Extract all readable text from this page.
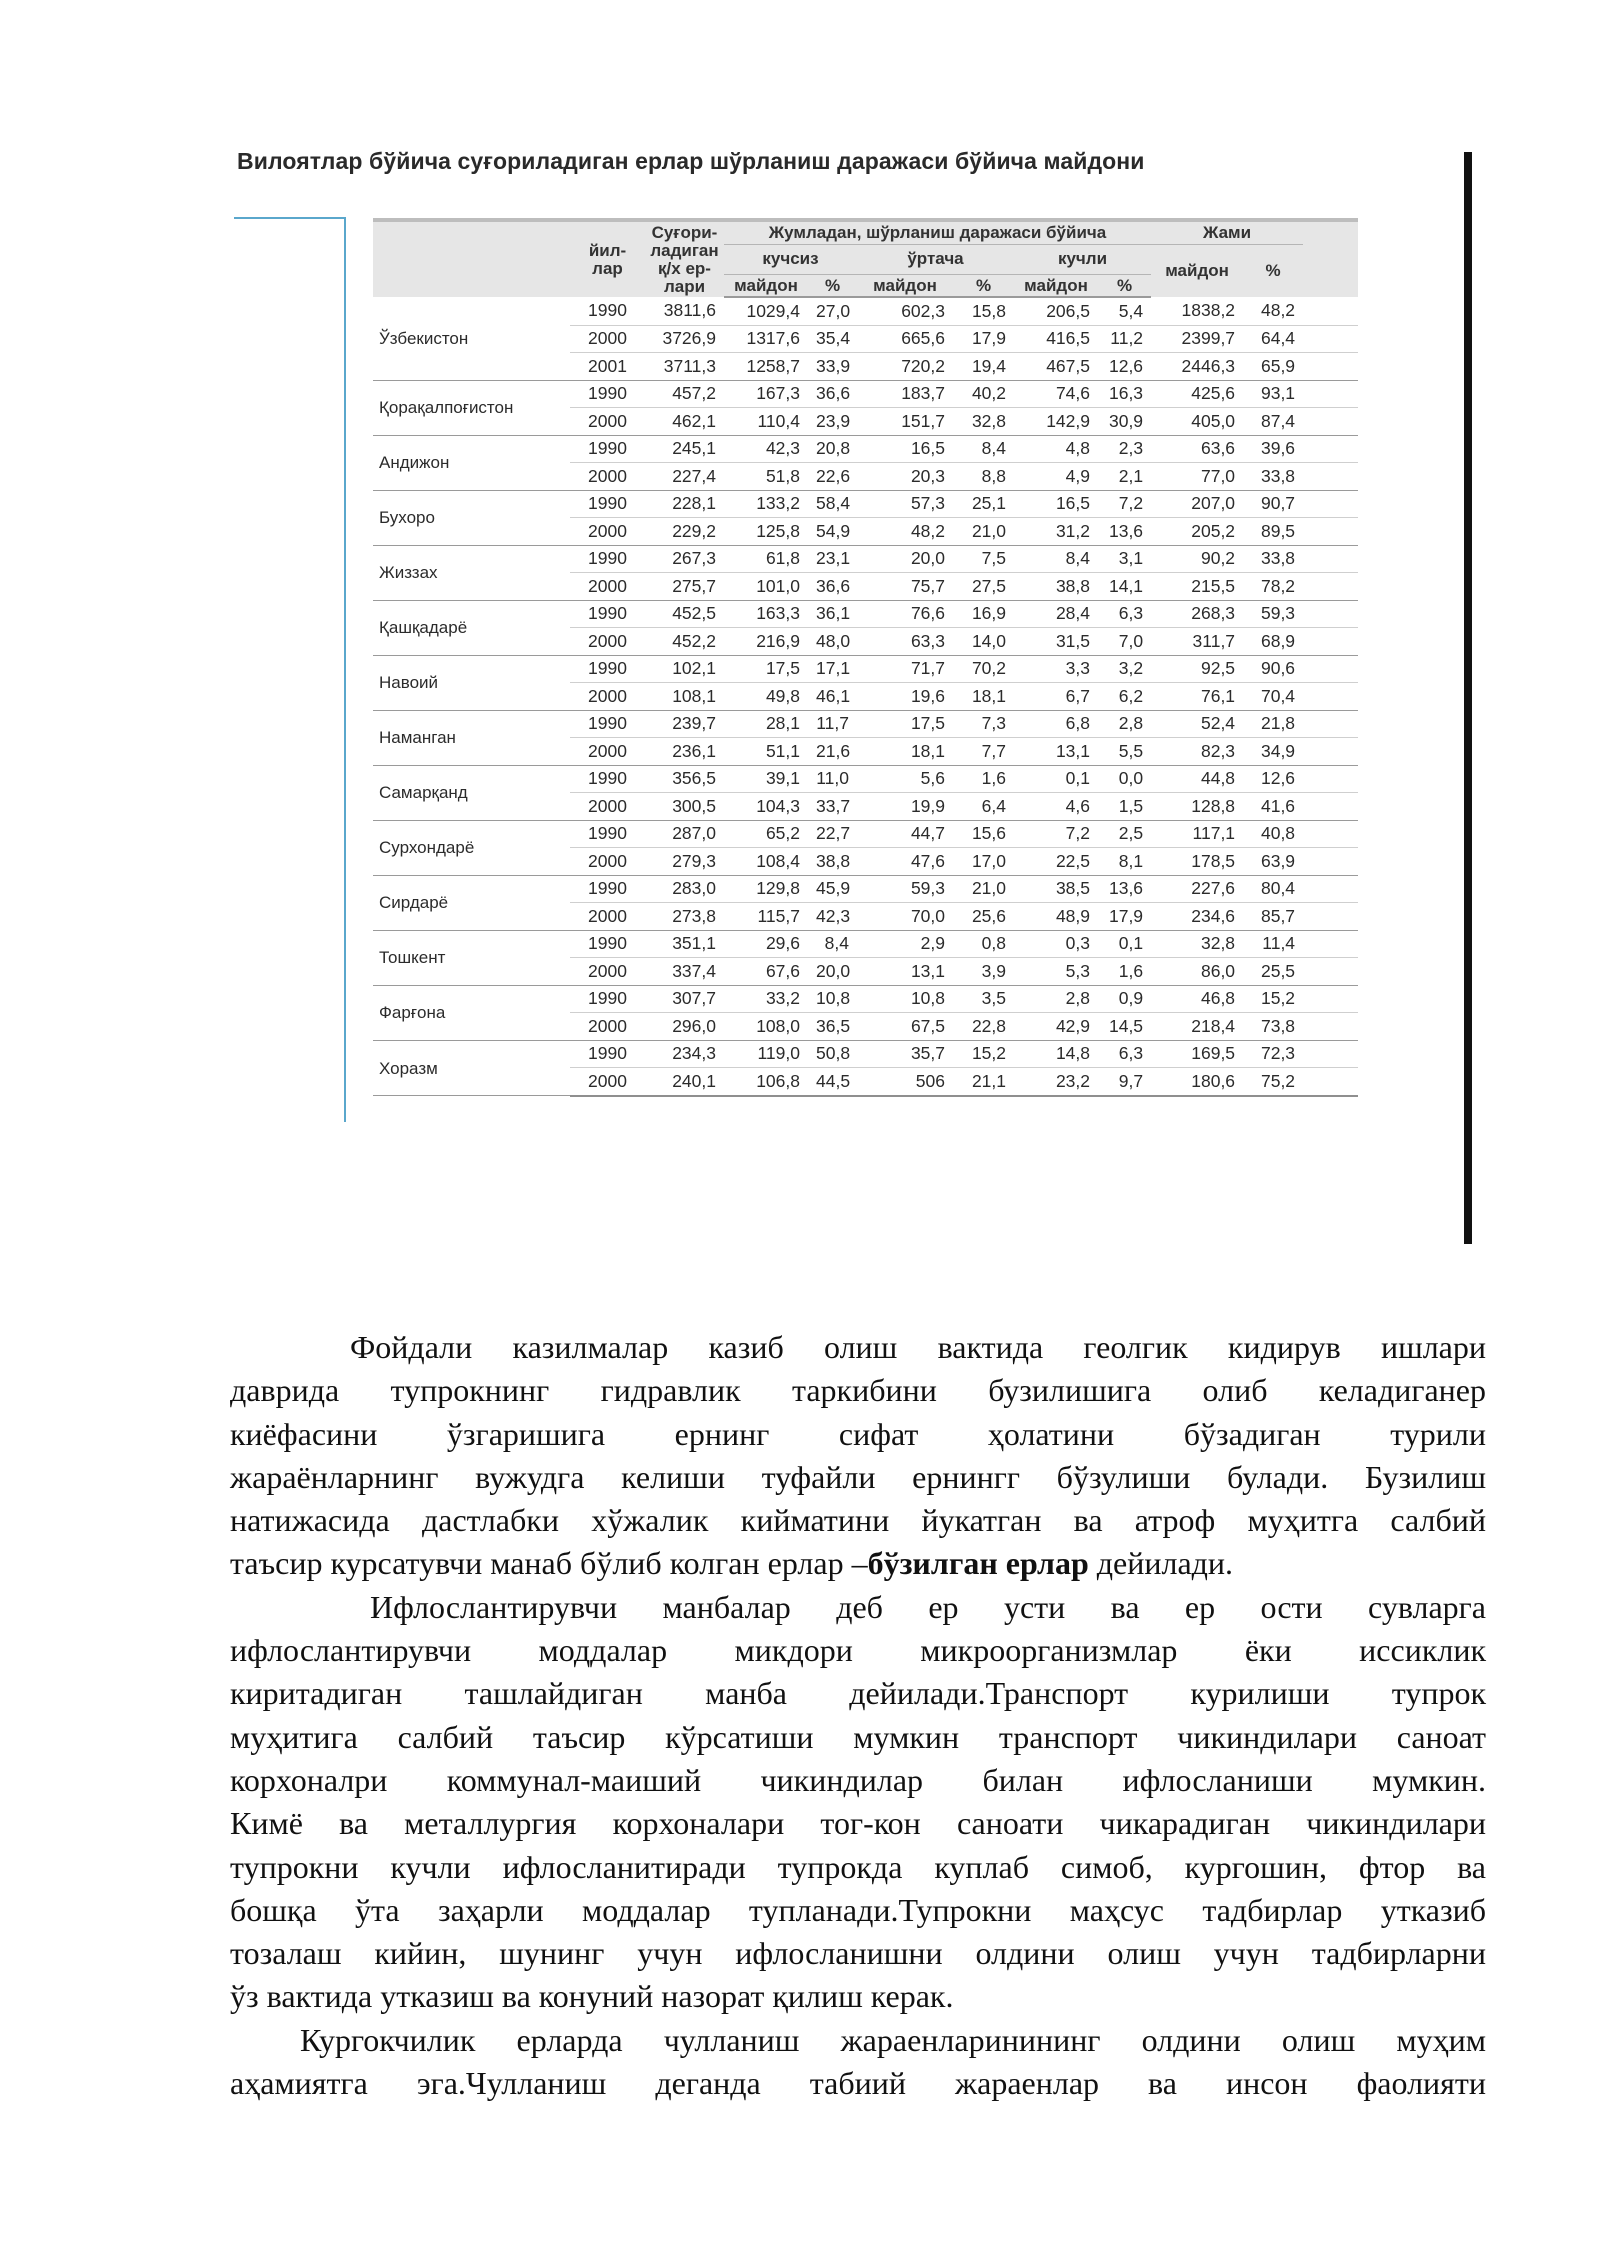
Вилоятлар бўйича суғориладиган ерлар шўрланиш даражаси бўйича майдони
	йил-
лар	Суғори-
ладиган
қ/х ер-
лари	Жумладан, шўрланиш даражаси бўйича						Жами		
			кучсиз		ўртача		кучли		майдон	%	
			майдон	%	майдон	%	майдон	%			
Ўзбекистон	1990	3811,6	1029,4	27,0	602,3	15,8	206,5	5,4	1838,2	48,2	
	2000	3726,9	1317,6	35,4	665,6	17,9	416,5	11,2	2399,7	64,4	
	2001	3711,3	1258,7	33,9	720,2	19,4	467,5	12,6	2446,3	65,9	
Қорақалпоғистон	1990	457,2	167,3	36,6	183,7	40,2	74,6	16,3	425,6	93,1	
	2000	462,1	110,4	23,9	151,7	32,8	142,9	30,9	405,0	87,4	
Андижон	1990	245,1	42,3	20,8	16,5	8,4	4,8	2,3	63,6	39,6	
	2000	227,4	51,8	22,6	20,3	8,8	4,9	2,1	77,0	33,8	
Бухоро	1990	228,1	133,2	58,4	57,3	25,1	16,5	7,2	207,0	90,7	
	2000	229,2	125,8	54,9	48,2	21,0	31,2	13,6	205,2	89,5	
Жиззах	1990	267,3	61,8	23,1	20,0	7,5	8,4	3,1	90,2	33,8	
	2000	275,7	101,0	36,6	75,7	27,5	38,8	14,1	215,5	78,2	
Қашқадарё	1990	452,5	163,3	36,1	76,6	16,9	28,4	6,3	268,3	59,3	
	2000	452,2	216,9	48,0	63,3	14,0	31,5	7,0	311,7	68,9	
Навоий	1990	102,1	17,5	17,1	71,7	70,2	3,3	3,2	92,5	90,6	
	2000	108,1	49,8	46,1	19,6	18,1	6,7	6,2	76,1	70,4	
Наманган	1990	239,7	28,1	11,7	17,5	7,3	6,8	2,8	52,4	21,8	
	2000	236,1	51,1	21,6	18,1	7,7	13,1	5,5	82,3	34,9	
Самарқанд	1990	356,5	39,1	11,0	5,6	1,6	0,1	0,0	44,8	12,6	
	2000	300,5	104,3	33,7	19,9	6,4	4,6	1,5	128,8	41,6	
Сурхондарё	1990	287,0	65,2	22,7	44,7	15,6	7,2	2,5	117,1	40,8	
	2000	279,3	108,4	38,8	47,6	17,0	22,5	8,1	178,5	63,9	
Сирдарё	1990	283,0	129,8	45,9	59,3	21,0	38,5	13,6	227,6	80,4	
	2000	273,8	115,7	42,3	70,0	25,6	48,9	17,9	234,6	85,7	
Тошкент	1990	351,1	29,6	8,4	2,9	0,8	0,3	0,1	32,8	11,4	
	2000	337,4	67,6	20,0	13,1	3,9	5,3	1,6	86,0	25,5	
Фарғона	1990	307,7	33,2	10,8	10,8	3,5	2,8	0,9	46,8	15,2	
	2000	296,0	108,0	36,5	67,5	22,8	42,9	14,5	218,4	73,8	
Хоразм	1990	234,3	119,0	50,8	35,7	15,2	14,8	6,3	169,5	72,3	
	2000	240,1	106,8	44,5	506	21,1	23,2	9,7	180,6	75,2	

Фойдали казилмалар казиб олиш вактида геолгик кидирув ишлари

даврида тупрокнинг гидравлик таркибини бузилишига олиб келадиганер

киёфасини ўзгаришига ернинг сифат ҳолатини бўзадиган турили

жараёнларнинг вужудга келиши туфайли ернингг бўзулиши булади. Бузилиш

натижасида дастлабки хўжалик кийматини йукатган ва атроф муҳитга салбий

таъсир курсатувчи манаб бўлиб колган ерлар –бўзилган ерлар дейилади.

Ифлослантирувчи манбалар деб ер усти ва ер ости сувларга

ифлослантирувчи моддалар микдори микроорганизмлар ёки иссиклик

киритадиган ташлайдиган манба дейилади.Транспорт курилиши тупрок

муҳитига салбий таъсир кўрсатиши мумкин транспорт чикиндилари саноат

корхоналри коммунал-маиший чикиндилар билан ифлосланиши мумкин.

Кимё ва металлургия корхоналари тог-кон саноати чикарадиган чикиндилари

тупрокни кучли ифлосланитиради тупрокда куплаб симоб, кургошин, фтор ва

бошқа ўта заҳарли моддалар тупланади.Тупрокни маҳсус тадбирлар утказиб

тозалаш кийин, шунинг учун ифлосланишни олдини олиш учун тадбирларни

ўз вактида утказиш ва конуний назорат қилиш керак.

Кургокчилик ерларда чулланиш жараенларинининг олдини олиш муҳим

аҳамиятга эга.Чулланиш деганда табиий жараенлар ва инсон фаолияти
